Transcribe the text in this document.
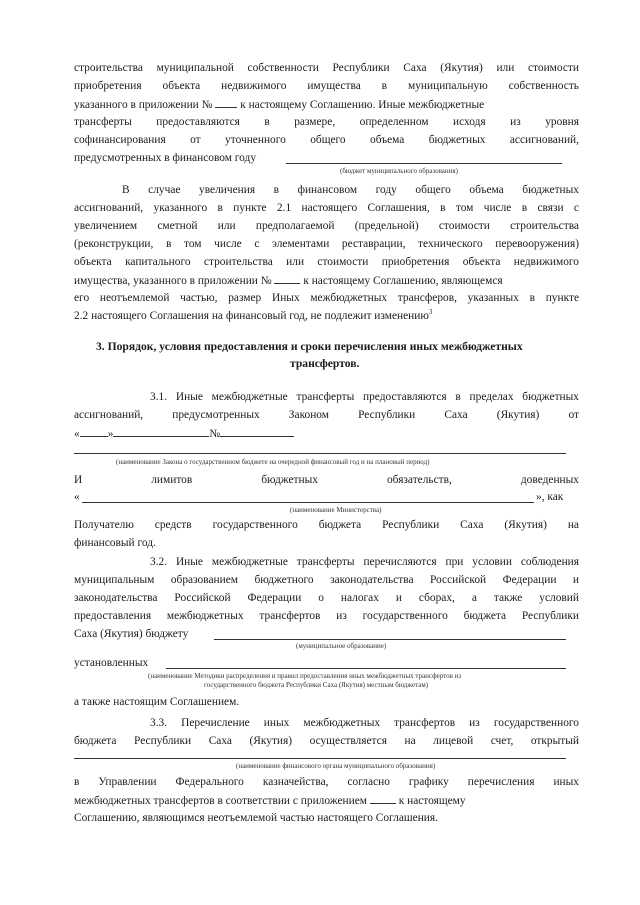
строительства муниципальной собственности Республики Саха (Якутия) или стоимости
приобретения объекта недвижимого имущества в муниципальную собственность
указанного в приложении № к настоящему Соглашению. Иные межбюджетные
трансферты предоставляются в размере, определенном исходя из уровня
софинансирования от уточненного общего объема бюджетных ассигнований,
предусмотренных в финансовом году
(бюджет муниципального образования)
В случае увеличения в финансовом году общего объема бюджетных
ассигнований, указанного в пункте 2.1 настоящего Соглашения, в том числе в связи с
увеличением сметной или предполагаемой (предельной) стоимости строительства
(реконструкции, в том числе с элементами реставрации, технического перевооружения)
объекта капитального строительства или стоимости приобретения объекта недвижимого
имущества, указанного в приложении №	к настоящему Соглашению, являющемся
его неотъемлемой частью, размер Иных межбюджетных трансферов, указанных в пункте
2.2 настоящего Соглашения на финансовый год, не подлежит изменению$^3$
3. Порядок, условия предоставления и сроки перечисления иных межбюджетных
трансфертов.
3.1. Иные межбюджетные трансферты предоставляются в пределах бюджетных
ассигнований, предусмотренных Законом Республики Саха (Якутия) от
« »	№
(наименование Закона о государственном бюджете на очередной финансовый год и на плановый период)
И лимитов бюджетных обязательств, доведенных
«	», как
(наименование Министерства)
Получателю средств государственного бюджета Республики Саха (Якутия) на
финансовый год.
3.2. Иные межбюджетные трансферты перечисляются при условии соблюдения
муниципальным образованием бюджетного законодательства Российской Федерации и
законодательства Российской Федерации о налогах и сборах, а также условий
предоставления межбюджетных трансфертов из государственного бюджета Республики
Саха (Якутия) бюджету
(муниципальное образование)
установленных
(наименование Методики распределения и правил предоставления иных межбюджетных трансфертов из
государственного бюджета Республики Саха (Якутия) местным бюджетам)
а также настоящим Соглашением.
3.3. Перечисление иных межбюджетных трансфертов из государственного
бюджета Республики Саха (Якутия) осуществляется на лицевой счет, открытый
(наименование финансового органа муниципального образования)
в Управлении Федерального казначейства, согласно графику перечисления иных
межбюджетных трансфертов в соответствии с приложением	к настоящему
Соглашению, являющимся неотъемлемой частью настоящего Соглашения.
